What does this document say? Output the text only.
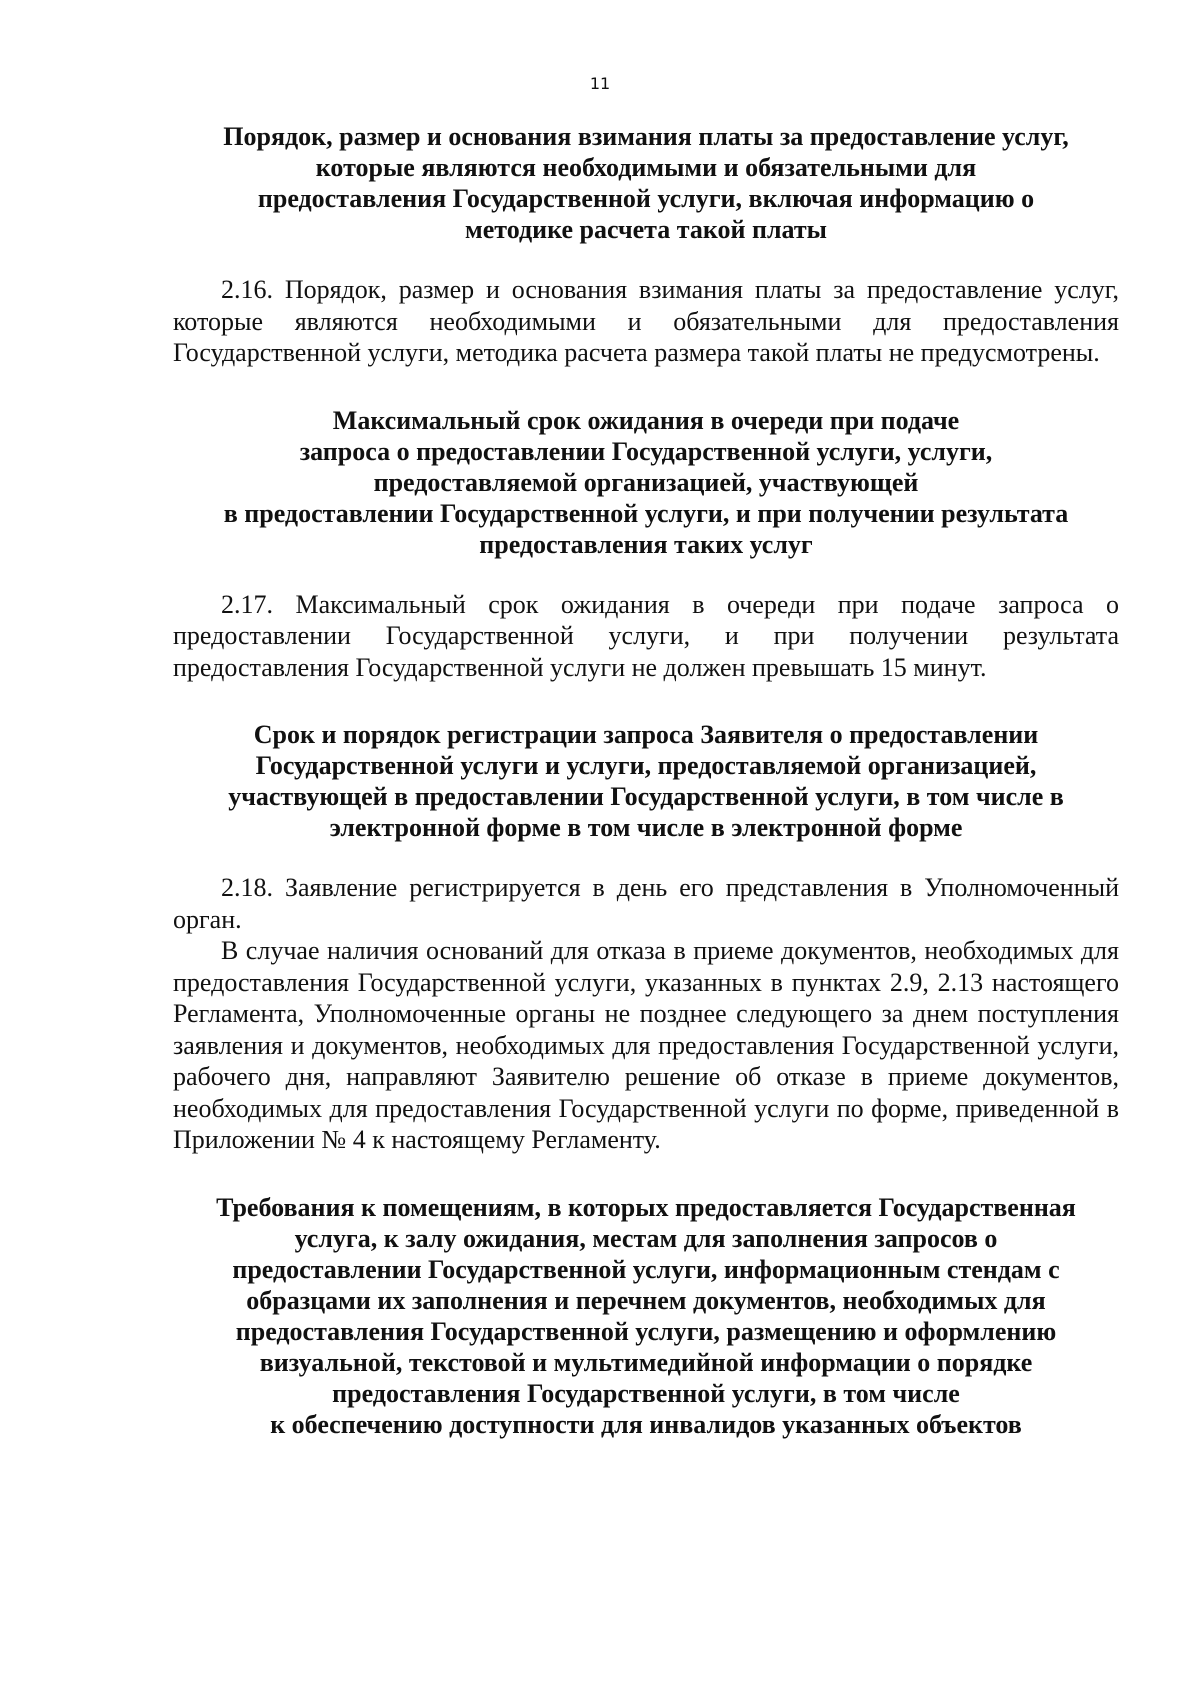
11
Порядок, размер и основания взимания платы за предоставление услуг,
которые являются необходимыми и обязательными для
предоставления Государственной услуги, включая информацию о
методике расчета такой платы

2.16. Порядок, размер и основания взимания платы за предоставление услуг, которые являются необходимыми и обязательными для предоставления Государственной услуги, методика расчета размера такой платы не предусмотрены.

Максимальный срок ожидания в очереди при подаче
запроса о предоставлении Государственной услуги, услуги,
предоставляемой организацией, участвующей
в предоставлении Государственной услуги, и при получении результата
предоставления таких услуг

2.17. Максимальный срок ожидания в очереди при подаче запроса о предоставлении Государственной услуги, и при получении результата предоставления Государственной услуги не должен превышать 15 минут.

Срок и порядок регистрации запроса Заявителя о предоставлении
Государственной услуги и услуги, предоставляемой организацией,
участвующей в предоставлении Государственной услуги, в том числе в
электронной форме в том числе в электронной форме

2.18. Заявление регистрируется в день его представления в Уполномоченный орган.

В случае наличия оснований для отказа в приеме документов, необходимых для предоставления Государственной услуги, указанных в пунктах 2.9, 2.13 настоящего Регламента, Уполномоченные органы не позднее следующего за днем поступления заявления и документов, необходимых для предоставления Государственной услуги, рабочего дня, направляют Заявителю решение об отказе в приеме документов, необходимых для предоставления Государственной услуги по форме, приведенной в Приложении № 4 к настоящему Регламенту.

Требования к помещениям, в которых предоставляется Государственная
услуга, к залу ожидания, местам для заполнения запросов о
предоставлении Государственной услуги, информационным стендам с
образцами их заполнения и перечнем документов, необходимых для
предоставления Государственной услуги, размещению и оформлению
визуальной, текстовой и мультимедийной информации о порядке
предоставления Государственной услуги, в том числе
к обеспечению доступности для инвалидов указанных объектов
